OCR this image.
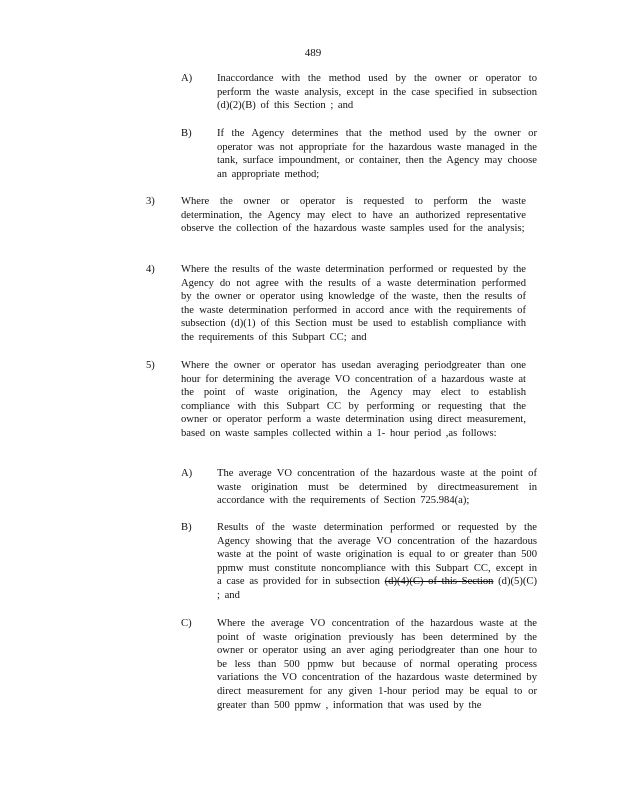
489
A) Inaccordance with the method used by the owner or operator to perform the waste analysis, except in the case specified in subsection (d)(2)(B) of this Section ; and
B) If the Agency determines that the method used by the owner or operator was not appropriate for the hazardous waste managed in the tank, surface impoundment, or container, then the Agency may choose an appropriate method;
3) Where the owner or operator is requested to perform the waste determination, the Agency may elect to have an authorized representative observe the collection of the hazardous waste samples used for the analysis;
4) Where the results of the waste determination performed or requested by the Agency do not agree with the results of a waste determination performed by the owner or operator using knowledge of the waste, then the results of the waste determination performed in accord ance with the requirements of subsection (d)(1) of this Section must be used to establish compliance with the requirements of this Subpart CC; and
5) Where the owner or operator has usedan averaging periodgreater than one hour for determining the average VO concentration of a hazardous waste at the point of waste origination, the Agency may elect to establish compliance with this Subpart CC by performing or requesting that the owner or operator perform a waste determination using direct measurement, based on waste samples collected within a 1- hour period ,as follows:
A) The average VO concentration of the hazardous waste at the point of waste origination must be determined by directmeasurement in accordance with the requirements of Section 725.984(a);
B) Results of the waste determination performed or requested by the Agency showing that the average VO concentration of the hazardous waste at the point of waste origination is equal to or greater than 500 ppmw must constitute noncompliance with this Subpart CC, except in a case as provided for in subsection (d)(4)(C) of this Section (d)(5)(C) ; and
C) Where the average VO concentration of the hazardous waste at the point of waste origination previously has been determined by the owner or operator using an aver aging periodgreater than one hour to be less than 500 ppmw but because of normal operating process variations the VO concentration of the hazardous waste determined by direct measurement for any given 1-hour period may be equal to or greater than 500 ppmw , information that was used by the
